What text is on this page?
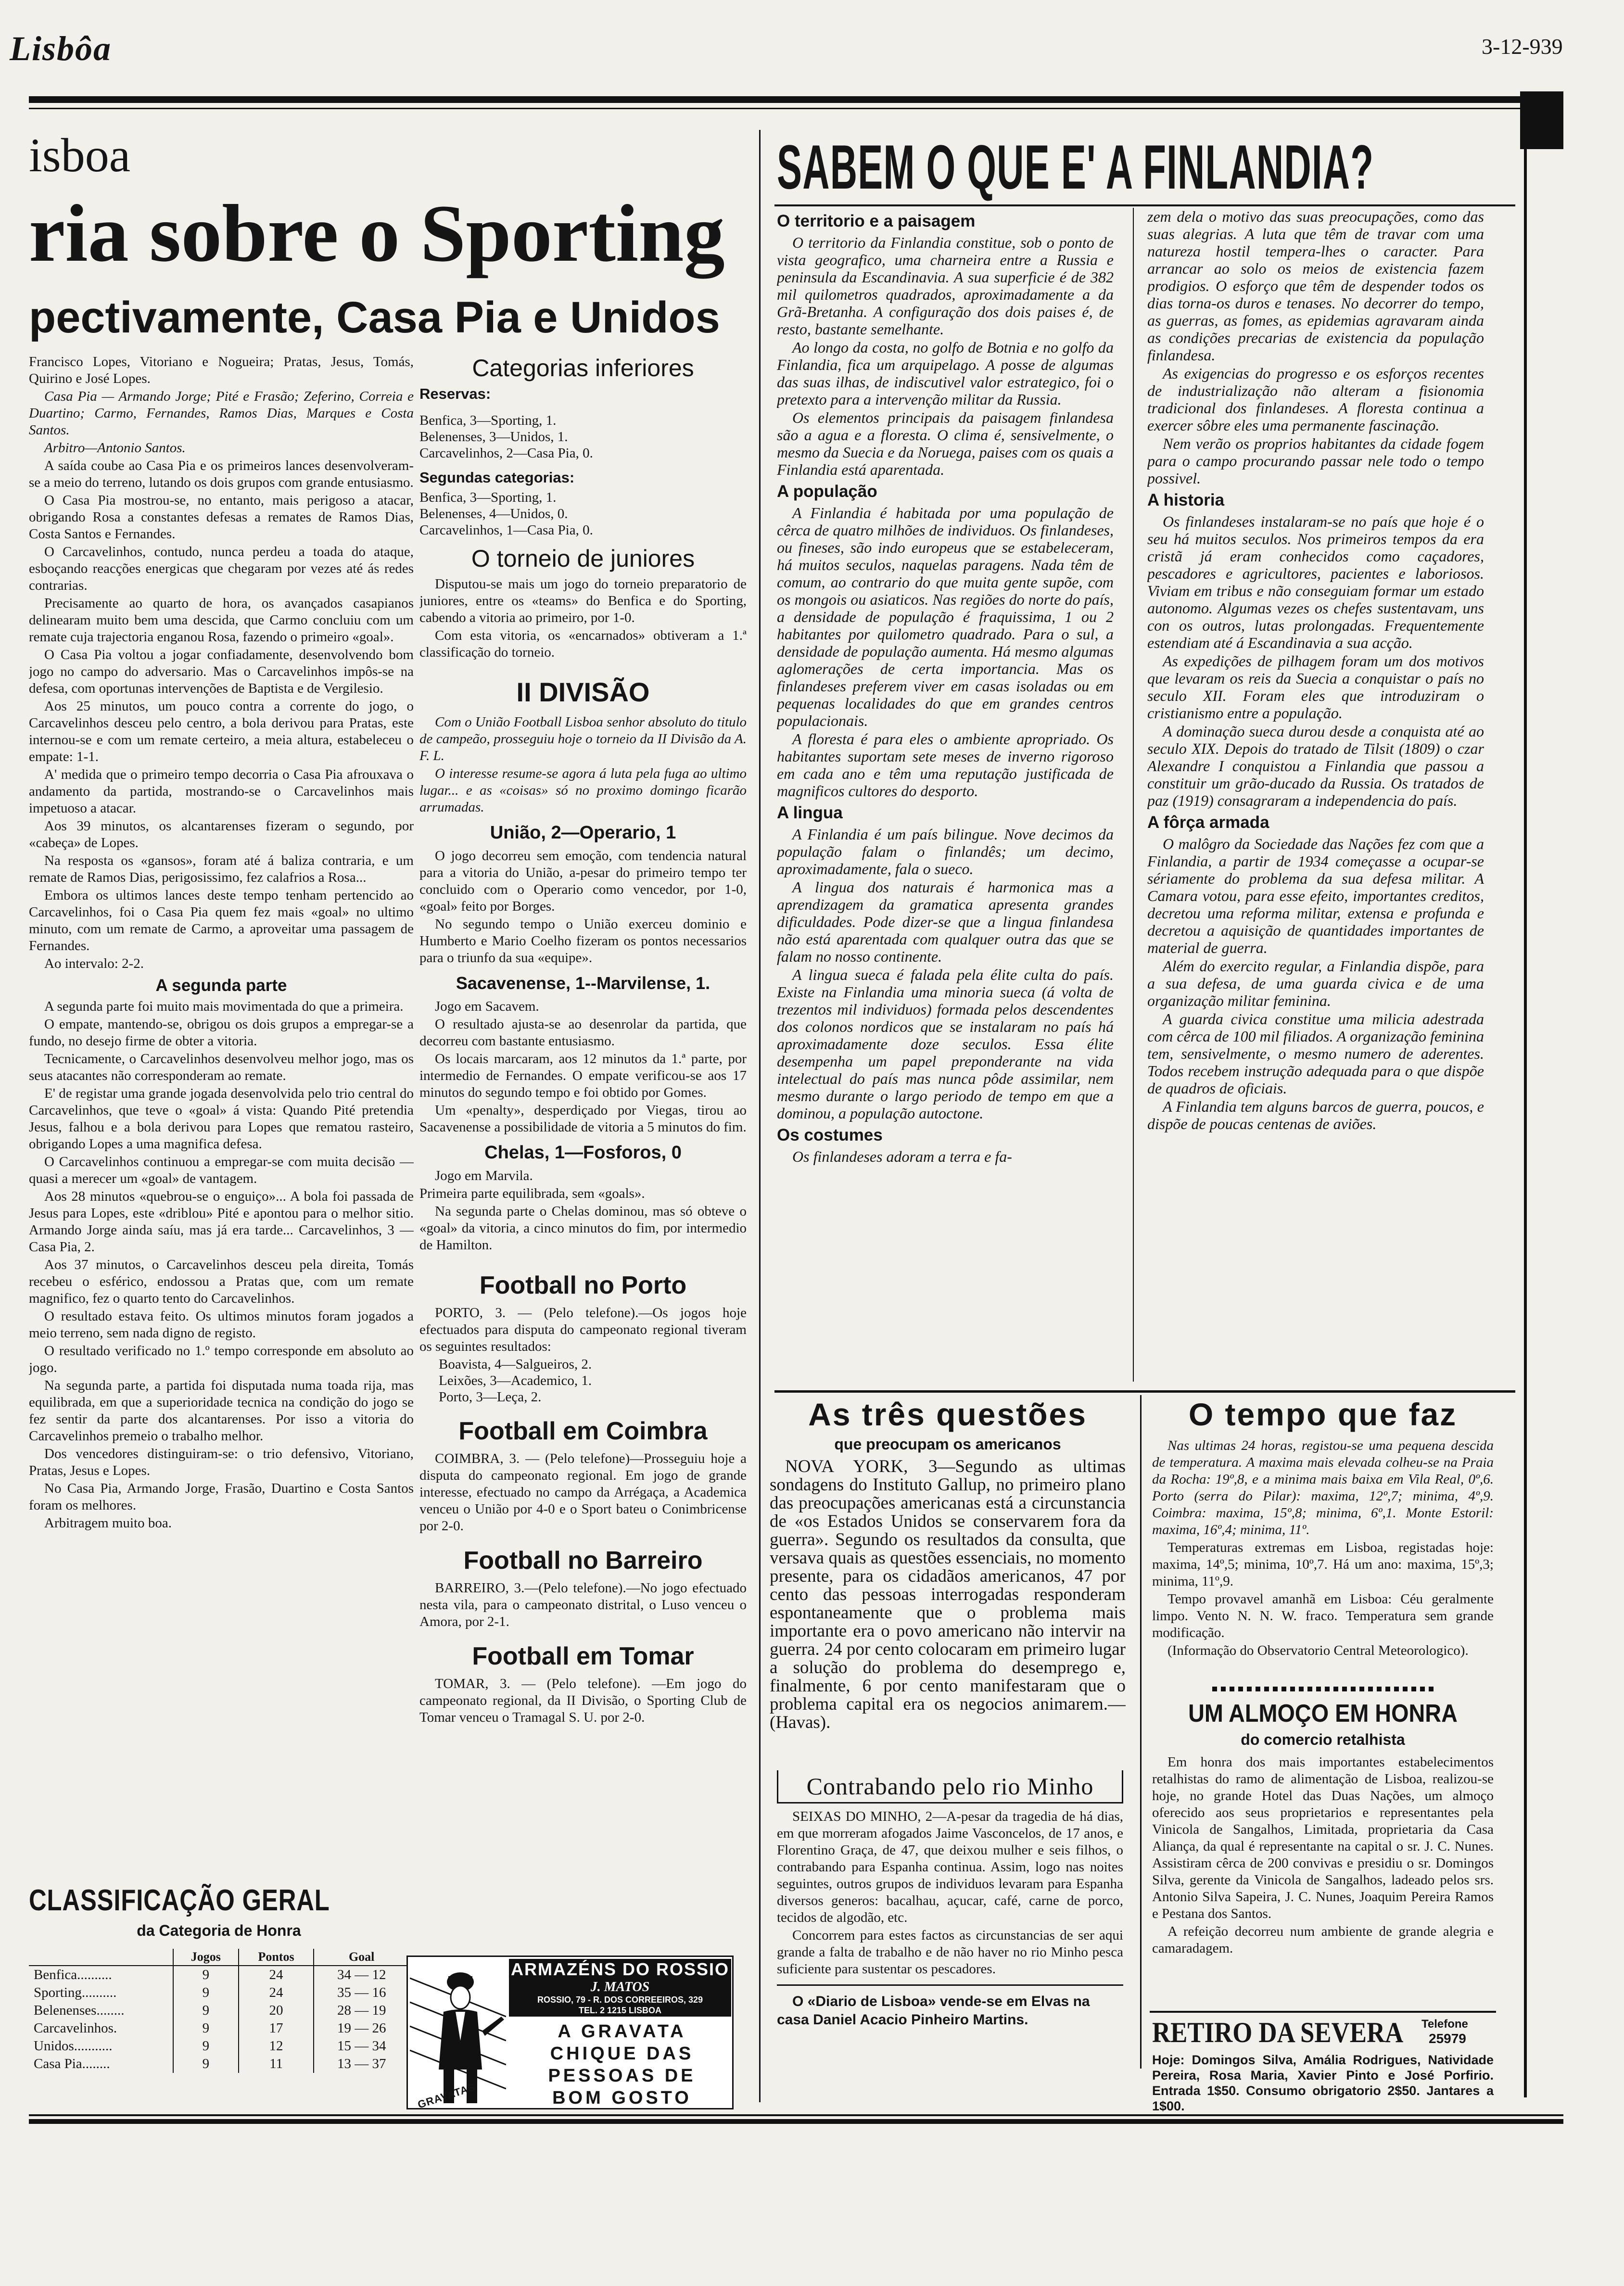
Lisbôa	3-12-939
isboa
ria sobre o Sporting
pectivamente, Casa Pia e Unidos

Francisco Lopes, Vitoriano e Nogueira; Pratas, Jesus, Tomás, Quirino e José Lopes.

Casa Pia — Armando Jorge; Pité e Frasão; Zeferino, Correia e Duartino; Carmo, Fernandes, Ramos Dias, Marques e Costa Santos.

Arbitro—Antonio Santos.

A saída coube ao Casa Pia e os primeiros lances desenvolveram-se a meio do terreno, lutando os dois grupos com grande entusiasmo.

O Casa Pia mostrou-se, no entanto, mais perigoso a atacar, obrigando Rosa a constantes defesas a remates de Ramos Dias, Costa Santos e Fernandes.

O Carcavelinhos, contudo, nunca perdeu a toada do ataque, esboçando reacções energicas que chegaram por vezes até ás redes contrarias.

Precisamente ao quarto de hora, os avançados casapianos delinearam muito bem uma descida, que Carmo concluiu com um remate cuja trajectoria enganou Rosa, fazendo o primeiro «goal».

O Casa Pia voltou a jogar confiadamente, desenvolvendo bom jogo no campo do adversario. Mas o Carcavelinhos impôs-se na defesa, com oportunas intervenções de Baptista e de Vergilesio.

Aos 25 minutos, um pouco contra a corrente do jogo, o Carcavelinhos desceu pelo centro, a bola derivou para Pratas, este internou-se e com um remate certeiro, a meia altura, estabeleceu o empate: 1-1.

A' medida que o primeiro tempo decorria o Casa Pia afrouxava o andamento da partida, mostrando-se o Carcavelinhos mais impetuoso a atacar.

Aos 39 minutos, os alcantarenses fizeram o segundo, por «cabeça» de Lopes.

Na resposta os «gansos», foram até á baliza contraria, e um remate de Ramos Dias, perigosissimo, fez calafrios a Rosa...

Embora os ultimos lances deste tempo tenham pertencido ao Carcavelinhos, foi o Casa Pia quem fez mais «goal» no ultimo minuto, com um remate de Carmo, a aproveitar uma passagem de Fernandes.

Ao intervalo: 2-2.

A segunda parte

A segunda parte foi muito mais movimentada do que a primeira.

O empate, mantendo-se, obrigou os dois grupos a empregar-se a fundo, no desejo firme de obter a vitoria.

Tecnicamente, o Carcavelinhos desenvolveu melhor jogo, mas os seus atacantes não corresponderam ao remate.

E' de registar uma grande jogada desenvolvida pelo trio central do Carcavelinhos, que teve o «goal» á vista: Quando Pité pretendia Jesus, falhou e a bola derivou para Lopes que rematou rasteiro, obrigando Lopes a uma magnifica defesa.

O Carcavelinhos continuou a empregar-se com muita decisão — quasi a merecer um «goal» de vantagem.

Aos 28 minutos «quebrou-se o enguiço»... A bola foi passada de Jesus para Lopes, este «driblou» Pité e apontou para o melhor sitio. Armando Jorge ainda saíu, mas já era tarde... Carcavelinhos, 3 — Casa Pia, 2.

Aos 37 minutos, o Carcavelinhos desceu pela direita, Tomás recebeu o esférico, endossou a Pratas que, com um remate magnifico, fez o quarto tento do Carcavelinhos.

O resultado estava feito. Os ultimos minutos foram jogados a meio terreno, sem nada digno de registo.

O resultado verificado no 1.º tempo corresponde em absoluto ao jogo.

Na segunda parte, a partida foi disputada numa toada rija, mas equilibrada, em que a superioridade tecnica na condição do jogo se fez sentir da parte dos alcantarenses. Por isso a vitoria do Carcavelinhos premeio o trabalho melhor.

Dos vencedores distinguiram-se: o trio defensivo, Vitoriano, Pratas, Jesus e Lopes.

No Casa Pia, Armando Jorge, Frasão, Duartino e Costa Santos foram os melhores.

Arbitragem muito boa.

CLASSIFICAÇÃO GERAL
da Categoria de Honra
	Jogos	Pontos	Goal
Benfica..........	9	24	34 — 12
Sporting..........	9	24	35 — 16
Belenenses........	9	20	28 — 19
Carcavelinhos.	9	17	19 — 26
Unidos...........	9	12	15 — 34
Casa Pia........	9	11	13 — 37
Categorias inferiores
Reservas:
Benfica, 3—Sporting, 1.
Belenenses, 3—Unidos, 1.
Carcavelinhos, 2—Casa Pia, 0.
Segundas categorias:
Benfica, 3—Sporting, 1.
Belenenses, 4—Unidos, 0.
Carcavelinhos, 1—Casa Pia, 0.
O torneio de juniores

Disputou-se mais um jogo do torneio preparatorio de juniores, entre os «teams» do Benfica e do Sporting, cabendo a vitoria ao primeiro, por 1-0.

Com esta vitoria, os «encarnados» obtiveram a 1.ª classificação do torneio.

II DIVISÃO

Com o União Football Lisboa senhor absoluto do titulo de campeão, prosseguiu hoje o torneio da II Divisão da A. F. L.

O interesse resume-se agora á luta pela fuga ao ultimo lugar... e as «coisas» só no proximo domingo ficarão arrumadas.

União, 2—Operario, 1

O jogo decorreu sem emoção, com tendencia natural para a vitoria do União, a-pesar do primeiro tempo ter concluido com o Operario como vencedor, por 1-0, «goal» feito por Borges.

No segundo tempo o União exerceu dominio e Humberto e Mario Coelho fizeram os pontos necessarios para o triunfo da sua «equipe».

Sacavenense, 1--Marvilense, 1.

Jogo em Sacavem.

O resultado ajusta-se ao desenrolar da partida, que decorreu com bastante entusiasmo.

Os locais marcaram, aos 12 minutos da 1.ª parte, por intermedio de Fernandes. O empate verificou-se aos 17 minutos do segundo tempo e foi obtido por Gomes.

Um «penalty», desperdiçado por Viegas, tirou ao Sacavenense a possibilidade de vitoria a 5 minutos do fim.

Chelas, 1—Fosforos, 0

Jogo em Marvila.

Primeira parte equilibrada, sem «goals».

Na segunda parte o Chelas dominou, mas só obteve o «goal» da vitoria, a cinco minutos do fim, por intermedio de Hamilton.

Football no Porto

PORTO, 3. — (Pelo telefone).—Os jogos hoje efectuados para disputa do campeonato regional tiveram os seguintes resultados:

Boavista, 4—Salgueiros, 2.
Leixões, 3—Academico, 1.
Porto, 3—Leça, 2.
Football em Coimbra

COIMBRA, 3. — (Pelo telefone)—Prosseguiu hoje a disputa do campeonato regional. Em jogo de grande interesse, efectuado no campo da Arrégaça, a Academica venceu o União por 4-0 e o Sport bateu o Conimbricense por 2-0.

Football no Barreiro

BARREIRO, 3.—(Pelo telefone).—No jogo efectuado nesta vila, para o campeonato distrital, o Luso venceu o Amora, por 2-1.

Football em Tomar

TOMAR, 3. — (Pelo telefone). —Em jogo do campeonato regional, da II Divisão, o Sporting Club de Tomar venceu o Tramagal S. U. por 2-0.

GRAVATAS
ARMAZÉNS DO ROSSIO
J. MATOS
ROSSIO, 79 - R. DOS CORREEIROS, 329
TEL. 2 1215 LISBOA
A GRAVATA
CHIQUE DAS
PESSOAS DE
BOM GOSTO
SABEM O QUE E' A FINLANDIA?
O territorio e a paisagem

O territorio da Finlandia constitue, sob o ponto de vista geografico, uma charneira entre a Russia e peninsula da Escandinavia. A sua superficie é de 382 mil quilometros quadrados, aproximadamente a da Grã-Bretanha. A configuração dos dois paises é, de resto, bastante semelhante.

Ao longo da costa, no golfo de Botnia e no golfo da Finlandia, fica um arquipelago. A posse de algumas das suas ilhas, de indiscutivel valor estrategico, foi o pretexto para a intervenção militar da Russia.

Os elementos principais da paisagem finlandesa são a agua e a floresta. O clima é, sensivelmente, o mesmo da Suecia e da Noruega, paises com os quais a Finlandia está aparentada.

A população

A Finlandia é habitada por uma população de cêrca de quatro milhões de individuos. Os finlandeses, ou fineses, são indo europeus que se estabeleceram, há muitos seculos, naquelas paragens. Nada têm de comum, ao contrario do que muita gente supõe, com os mongois ou asiaticos. Nas regiões do norte do país, a densidade de população é fraquissima, 1 ou 2 habitantes por quilometro quadrado. Para o sul, a densidade de população aumenta. Há mesmo algumas aglomerações de certa importancia. Mas os finlandeses preferem viver em casas isoladas ou em pequenas localidades do que em grandes centros populacionais.

A floresta é para eles o ambiente apropriado. Os habitantes suportam sete meses de inverno rigoroso em cada ano e têm uma reputação justificada de magnificos cultores do desporto.

A lingua

A Finlandia é um país bilingue. Nove decimos da população falam o finlandês; um decimo, aproximadamente, fala o sueco.

A lingua dos naturais é harmonica mas a aprendizagem da gramatica apresenta grandes dificuldades. Pode dizer-se que a lingua finlandesa não está aparentada com qualquer outra das que se falam no nosso continente.

A lingua sueca é falada pela élite culta do país. Existe na Finlandia uma minoria sueca (á volta de trezentos mil individuos) formada pelos descendentes dos colonos nordicos que se instalaram no país há aproximadamente doze seculos. Essa élite desempenha um papel preponderante na vida intelectual do país mas nunca pôde assimilar, nem mesmo durante o largo periodo de tempo em que a dominou, a população autoctone.

Os costumes

Os finlandeses adoram a terra e fa-

zem dela o motivo das suas preocupações, como das suas alegrias. A luta que têm de travar com uma natureza hostil tempera-lhes o caracter. Para arrancar ao solo os meios de existencia fazem prodigios. O esforço que têm de despender todos os dias torna-os duros e tenases. No decorrer do tempo, as guerras, as fomes, as epidemias agravaram ainda as condições precarias de existencia da população finlandesa.

As exigencias do progresso e os esforços recentes de industrialização não alteram a fisionomia tradicional dos finlandeses. A floresta continua a exercer sôbre eles uma permanente fascinação.

Nem verão os proprios habitantes da cidade fogem para o campo procurando passar nele todo o tempo possivel.

A historia

Os finlandeses instalaram-se no país que hoje é o seu há muitos seculos. Nos primeiros tempos da era cristã já eram conhecidos como caçadores, pescadores e agricultores, pacientes e laboriosos. Viviam em tribus e não conseguiam formar um estado autonomo. Algumas vezes os chefes sustentavam, uns con os outros, lutas prolongadas. Frequentemente estendiam até á Escandinavia a sua acção.

As expedições de pilhagem foram um dos motivos que levaram os reis da Suecia a conquistar o país no seculo XII. Foram eles que introduziram o cristianismo entre a população.

A dominação sueca durou desde a conquista até ao seculo XIX. Depois do tratado de Tilsit (1809) o czar Alexandre I conquistou a Finlandia que passou a constituir um grão-ducado da Russia. Os tratados de paz (1919) consagraram a independencia do país.

A fôrça armada

O malôgro da Sociedade das Nações fez com que a Finlandia, a partir de 1934 começasse a ocupar-se sériamente do problema da sua defesa militar. A Camara votou, para esse efeito, importantes creditos, decretou uma reforma militar, extensa e profunda e decretou a aquisição de quantidades importantes de material de guerra.

Além do exercito regular, a Finlandia dispõe, para a sua defesa, de uma guarda civica e de uma organização militar feminina.

A guarda civica constitue uma milicia adestrada com cêrca de 100 mil filiados. A organização feminina tem, sensivelmente, o mesmo numero de aderentes. Todos recebem instrução adequada para o que dispõe de quadros de oficiais.

A Finlandia tem alguns barcos de guerra, poucos, e dispõe de poucas centenas de aviões.

As três questões
que preocupam os americanos

NOVA YORK, 3—Segundo as ultimas sondagens do Instituto Gallup, no primeiro plano das preocupações americanas está a circunstancia de «os Estados Unidos se conservarem fora da guerra». Segundo os resultados da consulta, que versava quais as questões essenciais, no momento presente, para os cidadãos americanos, 47 por cento das pessoas interrogadas responderam espontaneamente que o problema mais importante era o povo americano não intervir na guerra. 24 por cento colocaram em primeiro lugar a solução do problema do desemprego e, finalmente, 6 por cento manifestaram que o problema capital era os negocios animarem.—(Havas).

Contrabando pelo rio Minho

SEIXAS DO MINHO, 2—A-pesar da tragedia de há dias, em que morreram afogados Jaime Vasconcelos, de 17 anos, e Florentino Graça, de 47, que deixou mulher e seis filhos, o contrabando para Espanha continua. Assim, logo nas noites seguintes, outros grupos de individuos levaram para Espanha diversos generos: bacalhau, açucar, café, carne de porco, tecidos de algodão, etc.

Concorrem para estes factos as circunstancias de ser aqui grande a falta de trabalho e de não haver no rio Minho pesca suficiente para sustentar os pescadores.

O «Diario de Lisboa» vende-se em Elvas na casa Daniel Acacio Pinheiro Martins.

O tempo que faz

Nas ultimas 24 horas, registou-se uma pequena descida de temperatura. A maxima mais elevada colheu-se na Praia da Rocha: 19º,8, e a minima mais baixa em Vila Real, 0º,6. Porto (serra do Pilar): maxima, 12º,7; minima, 4º,9. Coimbra: maxima, 15º,8; minima, 6º,1. Monte Estoril: maxima, 16º,4; minima, 11º.

Temperaturas extremas em Lisboa, registadas hoje: maxima, 14º,5; minima, 10º,7. Há um ano: maxima, 15º,3; minima, 11º,9.

Tempo provavel amanhã em Lisboa: Céu geralmente limpo. Vento N. N. W. fraco. Temperatura sem grande modificação.

(Informação do Observatorio Central Meteorologico).

UM ALMOÇO EM HONRA
do comercio retalhista

Em honra dos mais importantes estabelecimentos retalhistas do ramo de alimentação de Lisboa, realizou-se hoje, no grande Hotel das Duas Nações, um almoço oferecido aos seus proprietarios e representantes pela Vinicola de Sangalhos, Limitada, proprietaria da Casa Aliança, da qual é representante na capital o sr. J. C. Nunes. Assistiram cêrca de 200 convivas e presidiu o sr. Domingos Silva, gerente da Vinicola de Sangalhos, ladeado pelos srs. Antonio Silva Sapeira, J. C. Nunes, Joaquim Pereira Ramos e Pestana dos Santos.

A refeição decorreu num ambiente de grande alegria e camaradagem.

RETIRO DA SEVERA Telefone
25979

Hoje: Domingos Silva, Amália Rodrigues, Natividade Pereira, Rosa Maria, Xavier Pinto e José Porfirio. Entrada 1$50. Consumo obrigatorio 2$50. Jantares a 1$00.
